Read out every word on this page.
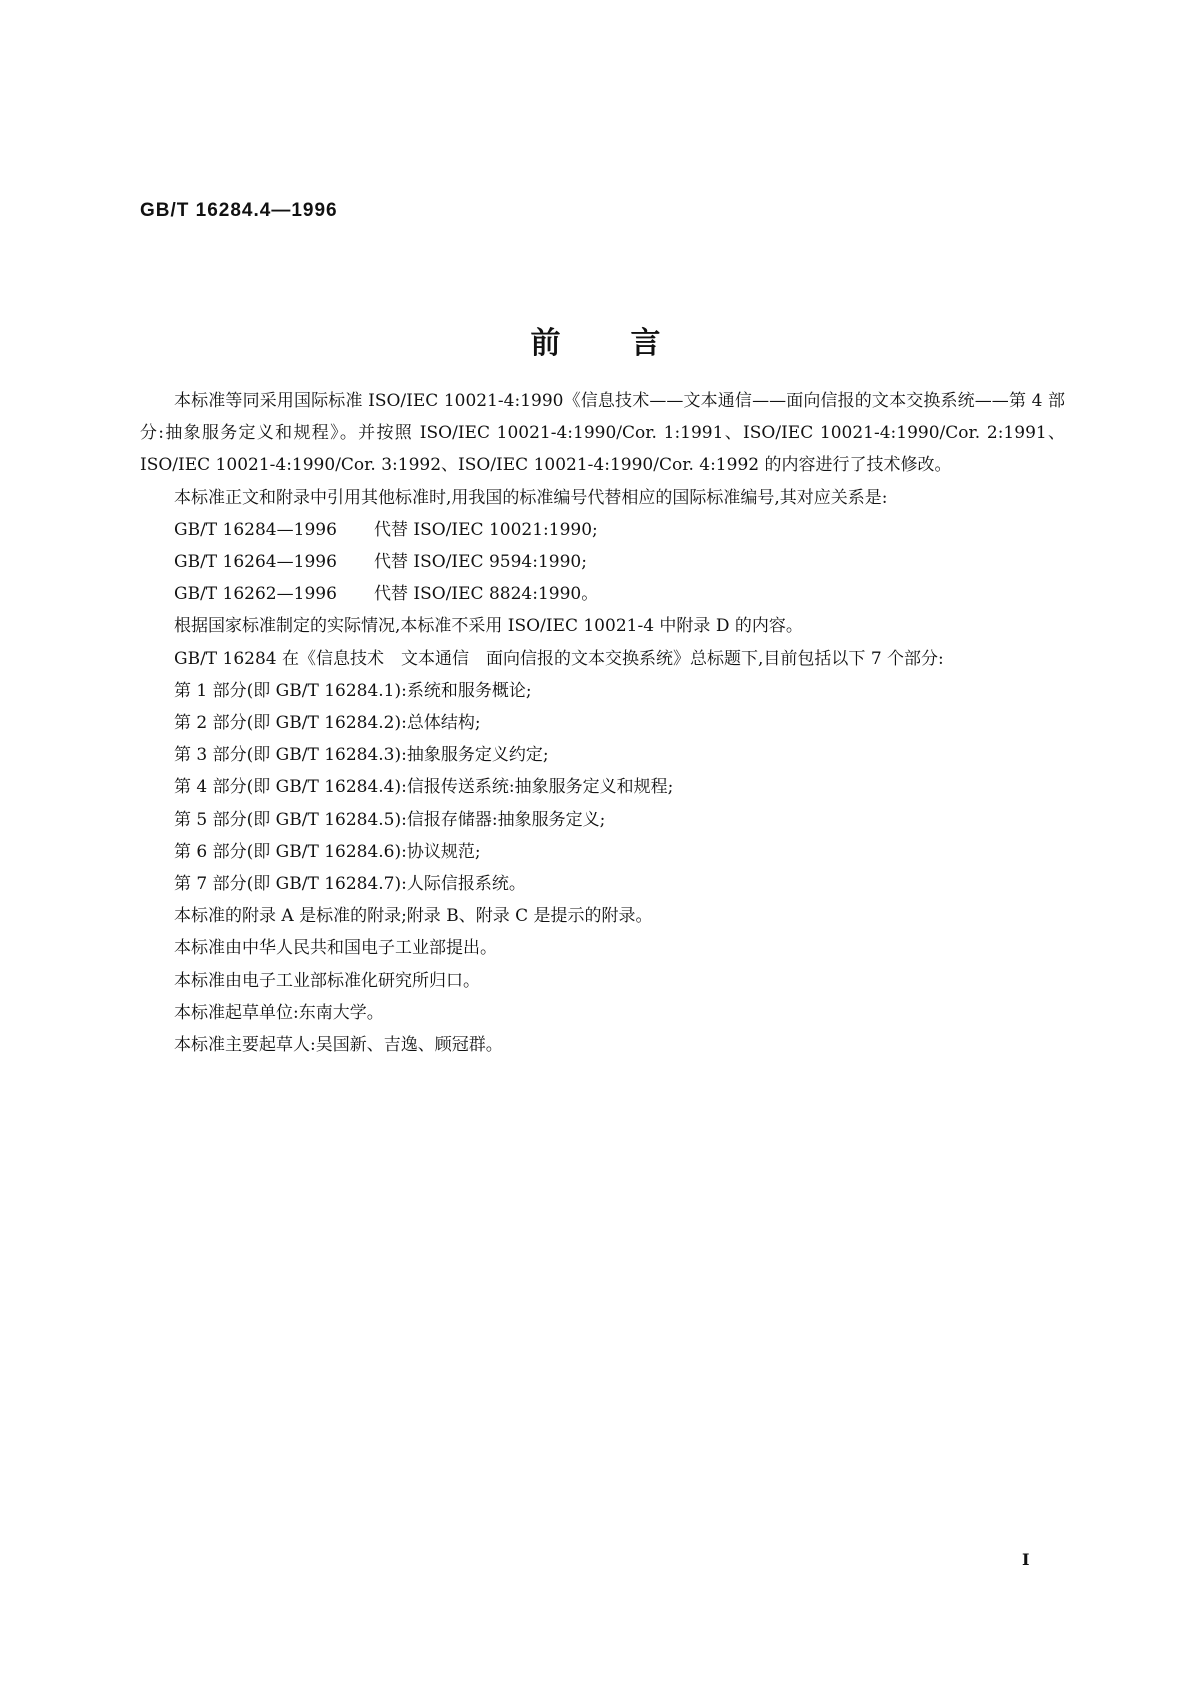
GB/T 16284.4—1996
前言

本标准等同采用国际标准 ISO/IEC 10021-4:1990《信息技术——文本通信——面向信报的文本交换系统——第 4 部分:抽象服务定义和规程》。并按照 ISO/IEC 10021-4:1990/Cor. 1:1991、ISO/IEC 10021-4:1990/Cor. 2:1991、ISO/IEC 10021-4:1990/Cor. 3:1992、ISO/IEC 10021-4:1990/Cor. 4:1992 的内容进行了技术修改。

本标准正文和附录中引用其他标准时,用我国的标准编号代替相应的国际标准编号,其对应关系是:

GB/T 16284—1996 代替 ISO/IEC 10021:1990;
GB/T 16264—1996 代替 ISO/IEC 9594:1990;
GB/T 16262—1996 代替 ISO/IEC 8824:1990。

根据国家标准制定的实际情况,本标准不采用 ISO/IEC 10021-4 中附录 D 的内容。

GB/T 16284 在《信息技术　文本通信　面向信报的文本交换系统》总标题下,目前包括以下 7 个部分:

第 1 部分(即 GB/T 16284.1):系统和服务概论;
第 2 部分(即 GB/T 16284.2):总体结构;
第 3 部分(即 GB/T 16284.3):抽象服务定义约定;
第 4 部分(即 GB/T 16284.4):信报传送系统:抽象服务定义和规程;
第 5 部分(即 GB/T 16284.5):信报存储器:抽象服务定义;
第 6 部分(即 GB/T 16284.6):协议规范;
第 7 部分(即 GB/T 16284.7):人际信报系统。
本标准的附录 A 是标准的附录;附录 B、附录 C 是提示的附录。
本标准由中华人民共和国电子工业部提出。
本标准由电子工业部标准化研究所归口。
本标准起草单位:东南大学。
本标准主要起草人:吴国新、吉逸、顾冠群。
I
